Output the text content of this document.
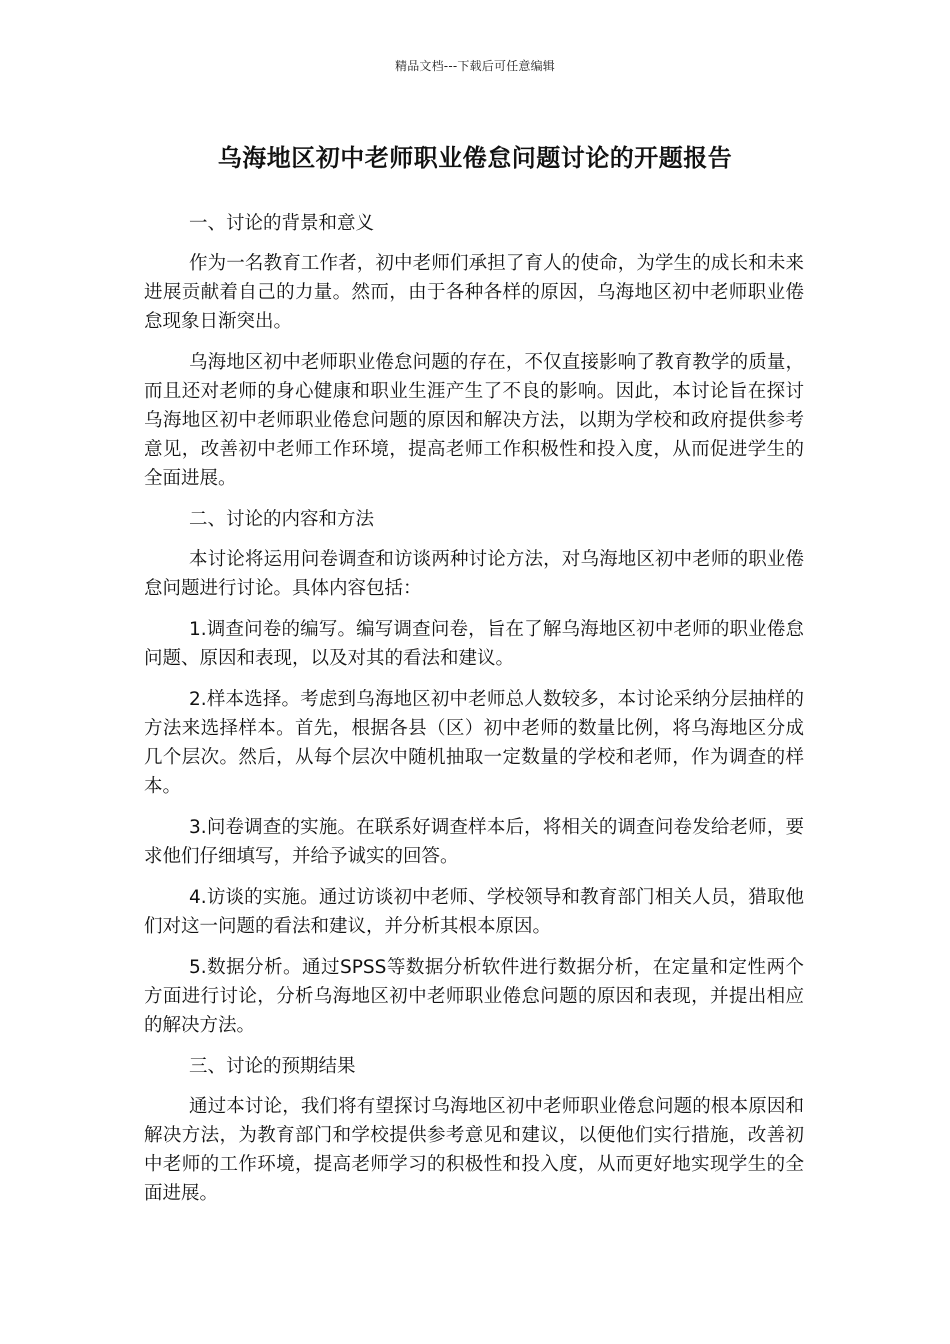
精品文档---下载后可任意编辑
乌海地区初中老师职业倦怠问题讨论的开题报告

一、讨论的背景和意义

作为一名教育工作者，初中老师们承担了育人的使命，为学生的成长和未来进展贡献着自己的力量。然而，由于各种各样的原因，乌海地区初中老师职业倦怠现象日渐突出。

乌海地区初中老师职业倦怠问题的存在，不仅直接影响了教育教学的质量，而且还对老师的身心健康和职业生涯产生了不良的影响。因此，本讨论旨在探讨乌海地区初中老师职业倦怠问题的原因和解决方法，以期为学校和政府提供参考意见，改善初中老师工作环境，提高老师工作积极性和投入度，从而促进学生的全面进展。

二、讨论的内容和方法

本讨论将运用问卷调查和访谈两种讨论方法，对乌海地区初中老师的职业倦怠问题进行讨论。具体内容包括：

1.调查问卷的编写。编写调查问卷，旨在了解乌海地区初中老师的职业倦怠问题、原因和表现，以及对其的看法和建议。

2.样本选择。考虑到乌海地区初中老师总人数较多，本讨论采纳分层抽样的方法来选择样本。首先，根据各县（区）初中老师的数量比例，将乌海地区分成几个层次。然后，从每个层次中随机抽取一定数量的学校和老师，作为调查的样本。

3.问卷调查的实施。在联系好调查样本后，将相关的调查问卷发给老师，要求他们仔细填写，并给予诚实的回答。

4.访谈的实施。通过访谈初中老师、学校领导和教育部门相关人员，猎取他们对这一问题的看法和建议，并分析其根本原因。

5.数据分析。通过SPSS等数据分析软件进行数据分析，在定量和定性两个方面进行讨论，分析乌海地区初中老师职业倦怠问题的原因和表现，并提出相应的解决方法。

三、讨论的预期结果

通过本讨论，我们将有望探讨乌海地区初中老师职业倦怠问题的根本原因和解决方法，为教育部门和学校提供参考意见和建议，以便他们实行措施，改善初中老师的工作环境，提高老师学习的积极性和投入度，从而更好地实现学生的全面进展。
